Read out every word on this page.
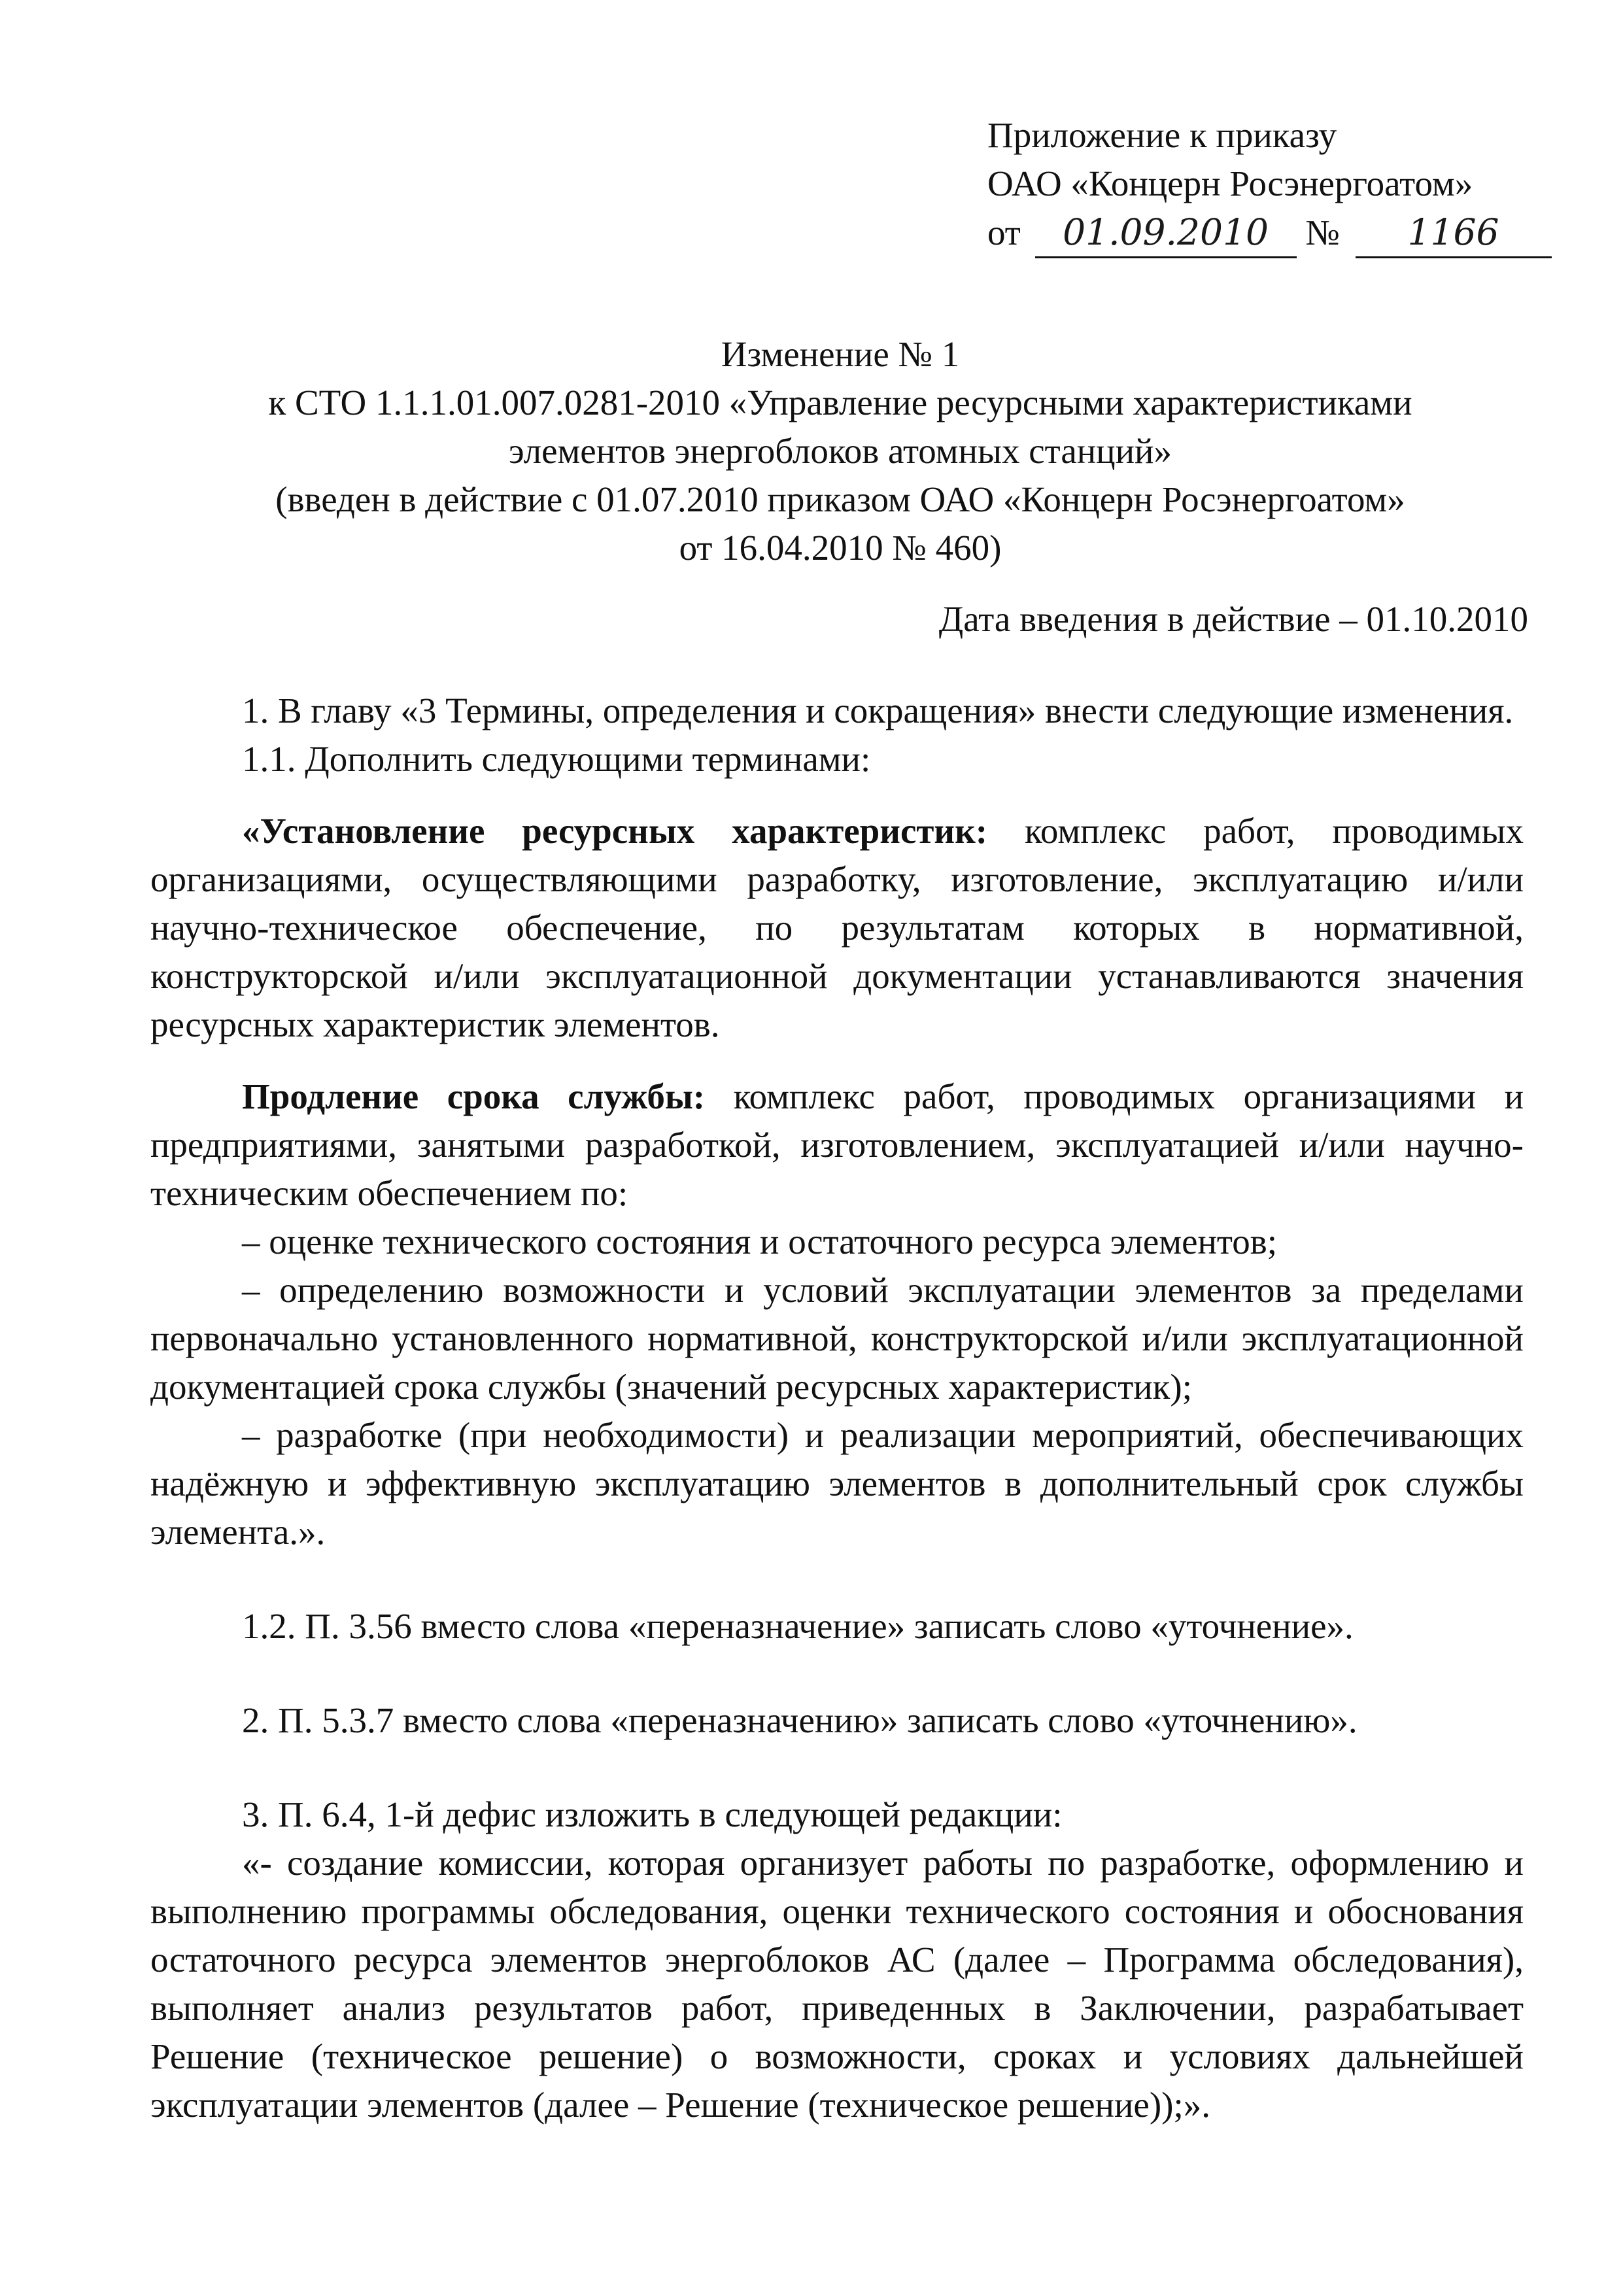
Приложение к приказу
ОАО «Концерн Росэнергоатом»
от 01.09.2010 № 1166
Изменение № 1
к СТО 1.1.1.01.007.0281-2010 «Управление ресурсными характеристиками
элементов энергоблоков атомных станций»
(введен в действие с 01.07.2010 приказом ОАО «Концерн Росэнергоатом»
от 16.04.2010 № 460)
Дата введения в действие – 01.10.2010
1. В главу «3 Термины, определения и сокращения» внести следующие изменения.
1.1. Дополнить следующими терминами:
«Установление ресурсных характеристик: комплекс работ, проводимых организациями, осуществляющими разработку, изготовление, эксплуатацию и/или научно-техническое обеспечение, по результатам которых в нормативной, конструкторской и/или эксплуатационной документации устанавливаются значения ресурсных характеристик элементов.
Продление срока службы: комплекс работ, проводимых организациями и предприятиями, занятыми разработкой, изготовлением, эксплуатацией и/или научно-техническим обеспечением по:
– оценке технического состояния и остаточного ресурса элементов;
– определению возможности и условий эксплуатации элементов за пределами первоначально установленного нормативной, конструкторской и/или эксплуатационной документацией срока службы (значений ресурсных характеристик);
– разработке (при необходимости) и реализации мероприятий, обеспечивающих надёжную и эффективную эксплуатацию элементов в дополнительный срок службы элемента.».
1.2. П. 3.56 вместо слова «переназначение» записать слово «уточнение».
2. П. 5.3.7 вместо слова «переназначению» записать слово «уточнению».
3. П. 6.4, 1-й дефис изложить в следующей редакции:
«- создание комиссии, которая организует работы по разработке, оформлению и выполнению программы обследования, оценки технического состояния и обоснования остаточного ресурса элементов энергоблоков АС (далее – Программа обследования), выполняет анализ результатов работ, приведенных в Заключении, разрабатывает Решение (техническое решение) о возможности, сроках и условиях дальнейшей эксплуатации элементов (далее – Решение (техническое решение));».
